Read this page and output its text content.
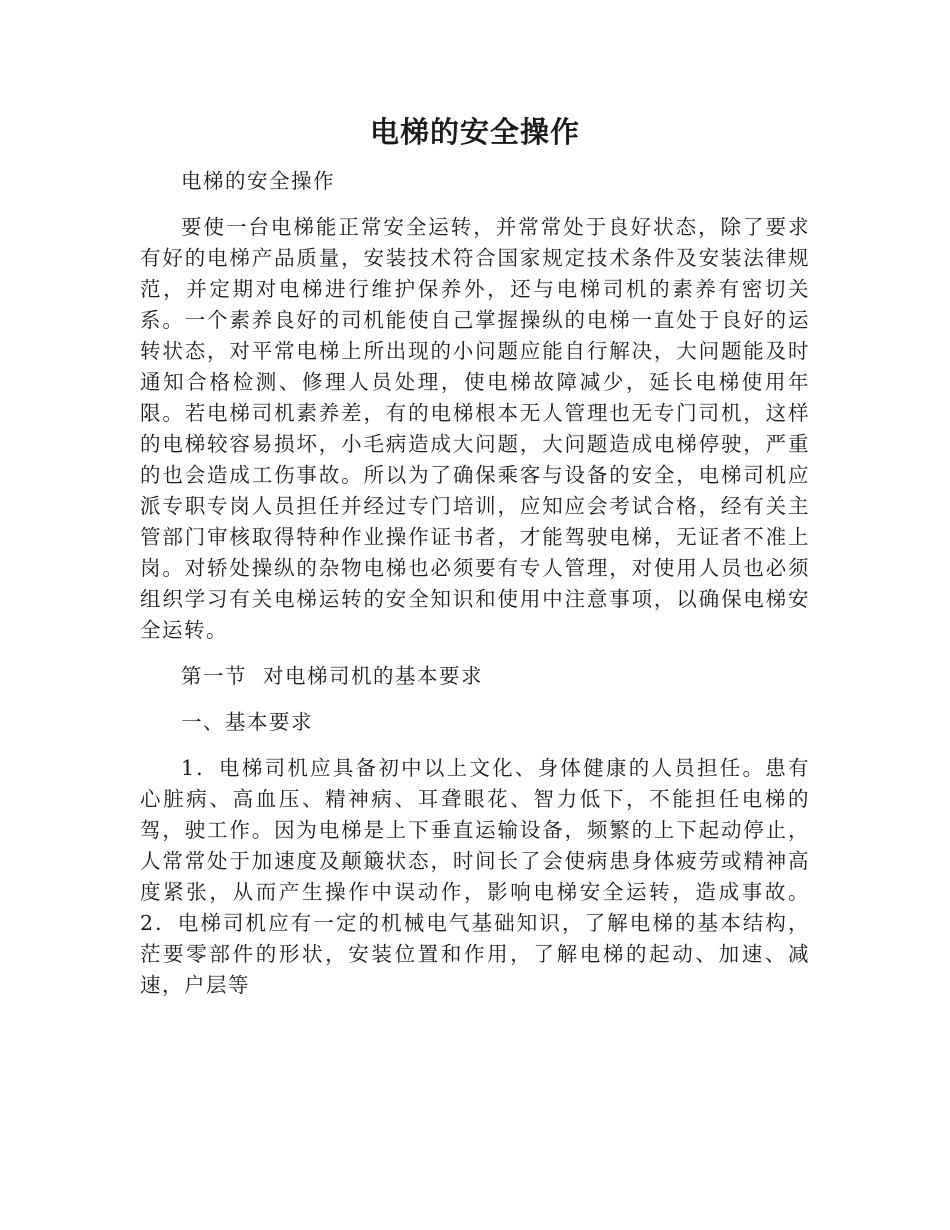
电梯的安全操作

电梯的安全操作

要使一台电梯能正常安全运转，并常常处于良好状态，除了要求有好的电梯产品质量，安装技术符合国家规定技术条件及安装法律规范，并定期对电梯进行维护保养外，还与电梯司机的素养有密切关系。一个素养良好的司机能使自己掌握操纵的电梯一直处于良好的运转状态，对平常电梯上所出现的小问题应能自行解决，大问题能及时通知合格检测、修理人员处理，使电梯故障减少，延长电梯使用年限。若电梯司机素养差，有的电梯根本无人管理也无专门司机，这样的电梯较容易损坏，小毛病造成大问题，大问题造成电梯停驶，严重的也会造成工伤事故。所以为了确保乘客与设备的安全，电梯司机应派专职专岗人员担任并经过专门培训，应知应会考试合格，经有关主管部门审核取得特种作业操作证书者，才能驾驶电梯，无证者不准上岗。对轿处操纵的杂物电梯也必须要有专人管理，对使用人员也必须组织学习有关电梯运转的安全知识和使用中注意事项，以确保电梯安全运转。

第一节  对电梯司机的基本要求

一、基本要求

1．电梯司机应具备初中以上文化、身体健康的人员担任。患有心脏病、高血压、精神病、耳聋眼花、智力低下，不能担任电梯的驾，驶工作。因为电梯是上下垂直运输设备，频繁的上下起动停止，人常常处于加速度及颠簸状态，时间长了会使病患身体疲劳或精神高度紧张，从而产生操作中误动作，影响电梯安全运转，造成事故。2．电梯司机应有一定的机械电气基础知识，了解电梯的基本结构，茫要零部件的形状，安装位置和作用，了解电梯的起动、加速、减速，户层等
